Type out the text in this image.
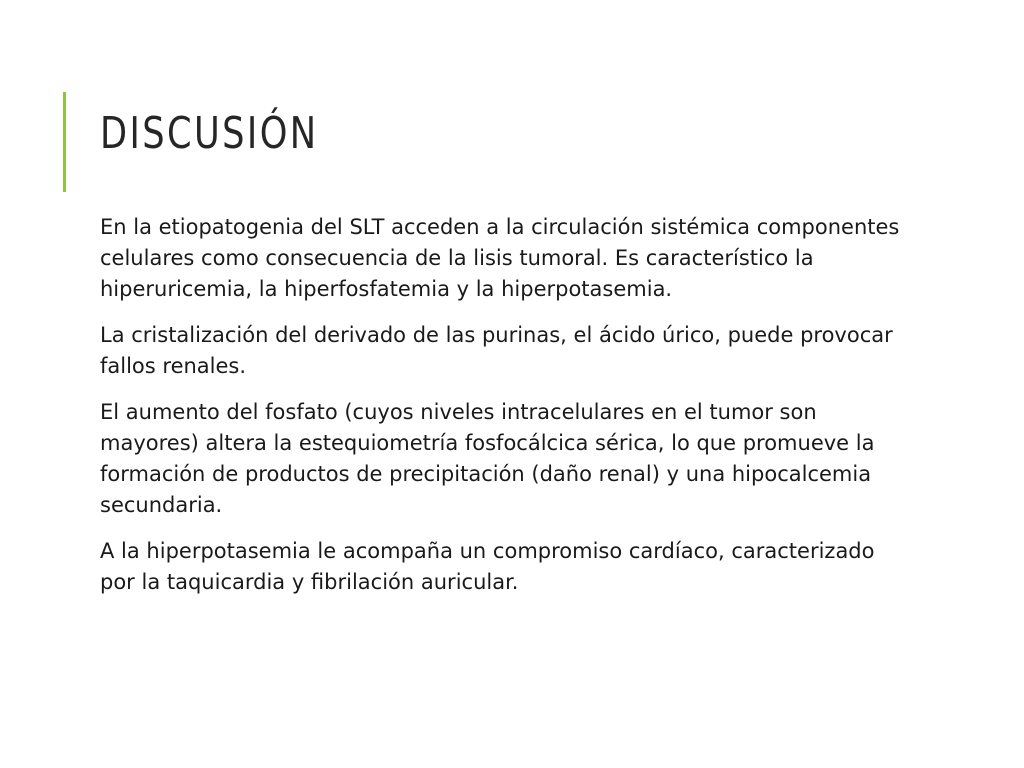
DISCUSIÓN

En la etiopatogenia del SLT acceden a la circulación sistémica componentes celulares como consecuencia de la lisis tumoral. Es característico la hiperuricemia, la hiperfosfatemia y la hiperpotasemia.

La cristalización del derivado de las purinas, el ácido úrico, puede provocar fallos renales.

El aumento del fosfato (cuyos niveles intracelulares en el tumor son mayores) altera la estequiometría fosfocálcica sérica, lo que promueve la formación de productos de precipitación (daño renal) y una hipocalcemia secundaria.

A la hiperpotasemia le acompaña un compromiso cardíaco, caracterizado por la taquicardia y fibrilación auricular.
